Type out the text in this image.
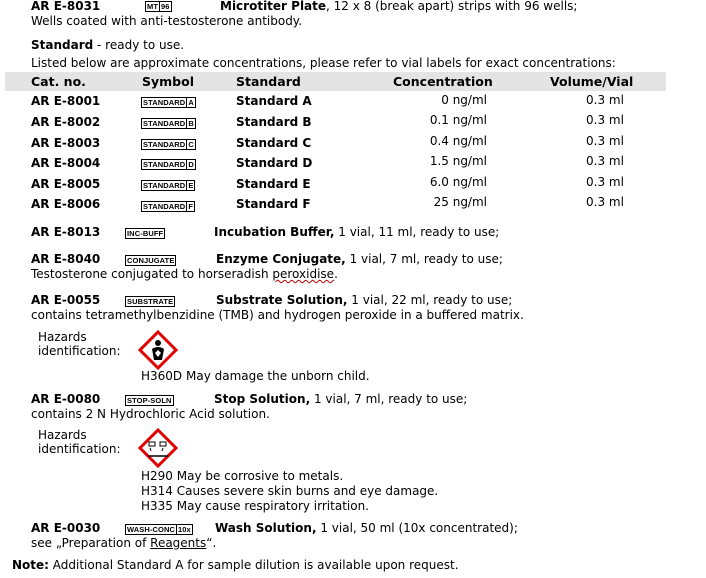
AR E-8031	MT 96	Microtiter Plate, 12 x 8 (break apart) strips with 96 wells;
Wells coated with anti-testosterone antibody.
Standard - ready to use.
Listed below are approximate concentrations, please refer to vial labels for exact concentrations:
Cat. no.	Symbol	Standard	Concentration	Volume/Vial
AR E-8001	STANDARD A	Standard A	0 ng/ml	0.3 ml
AR E-8002	STANDARD B	Standard B	0.1 ng/ml	0.3 ml
AR E-8003	STANDARD C	Standard C	0.4 ng/ml	0.3 ml
AR E-8004	STANDARD D	Standard D	1.5 ng/ml	0.3 ml
AR E-8005	STANDARD E	Standard E	6.0 ng/ml	0.3 ml
AR E-8006	STANDARD F	Standard F	25 ng/ml	0.3 ml
AR E-8013	INC-BUFF	Incubation Buffer, 1 vial, 11 ml, ready to use;
AR E-8040	CONJUGATE	Enzyme Conjugate, 1 vial, 7 ml, ready to use;
Testosterone conjugated to horseradish peroxidise.
AR E-0055	SUBSTRATE	Substrate Solution, 1 vial, 22 ml, ready to use;
contains tetramethylbenzidine (TMB) and hydrogen peroxide in a buffered matrix.
Hazards
identification:
H360D May damage the unborn child.
AR E-0080	STOP-SOLN	Stop Solution, 1 vial, 7 ml, ready to use;
contains 2 N Hydrochloric Acid solution.
Hazards
identification:
H290 May be corrosive to metals.
H314 Causes severe skin burns and eye damage.
H335 May cause respiratory irritation.
AR E-0030	WASH-CONC 10x Wash Solution, 1 vial, 50 ml (10x concentrated);
see „Preparation of Reagents“.
Note: Additional Standard A for sample dilution is available upon request.
